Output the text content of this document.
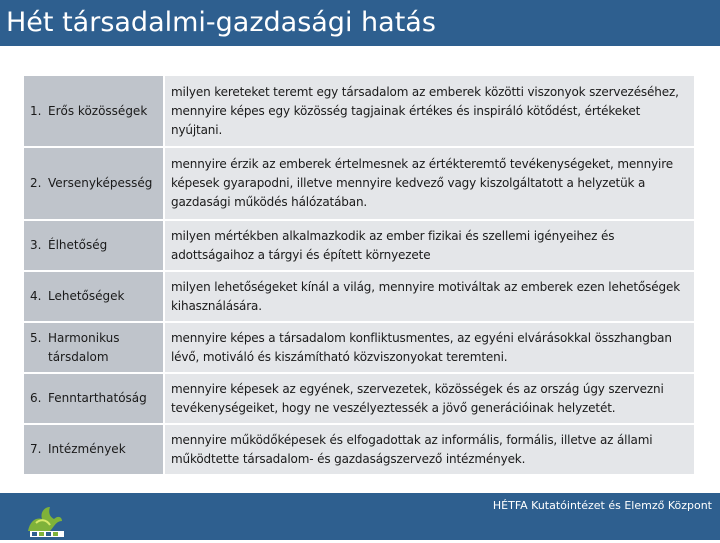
Hét társadalmi-gazdasági hatás
1. Erős közösségek	milyen kereteket teremt egy társadalom az emberek közötti viszonyok szervezéséhez, mennyire képes egy közösség tagjainak értékes és inspiráló kötődést, értékeket nyújtani.

2. Versenyképesség	mennyire érzik az emberek értelmesnek az értékteremtő tevékenységeket, mennyire képesek gyarapodni, illetve mennyire kedvező vagy kiszolgáltatott a helyzetük a gazdasági működés hálózatában.

3. Élhetőség	milyen mértékben alkalmazkodik az ember fizikai és szellemi igényeihez és adottságaihoz a tárgyi és épített környezete

4. Lehetőségek	milyen lehetőségeket kínál a világ, mennyire motiváltak az emberek ezen lehetőségek kihasználására.

5. Harmonikus társdalom	mennyire képes a társadalom konfliktusmentes, az egyéni elvárásokkal összhangban lévő, motiváló és kiszámítható közviszonyokat teremteni.

6. Fenntarthatóság	mennyire képesek az egyének, szervezetek, közösségek és az ország úgy szervezni tevékenységeiket, hogy ne veszélyeztessék a jövő generációinak helyzetét.

7. Intézmények	mennyire működőképesek és elfogadottak az informális, formális, illetve az állami működtette társadalom- és gazdaságszervező intézmények.
HÉTFA Kutatóintézet és Elemző Központ
